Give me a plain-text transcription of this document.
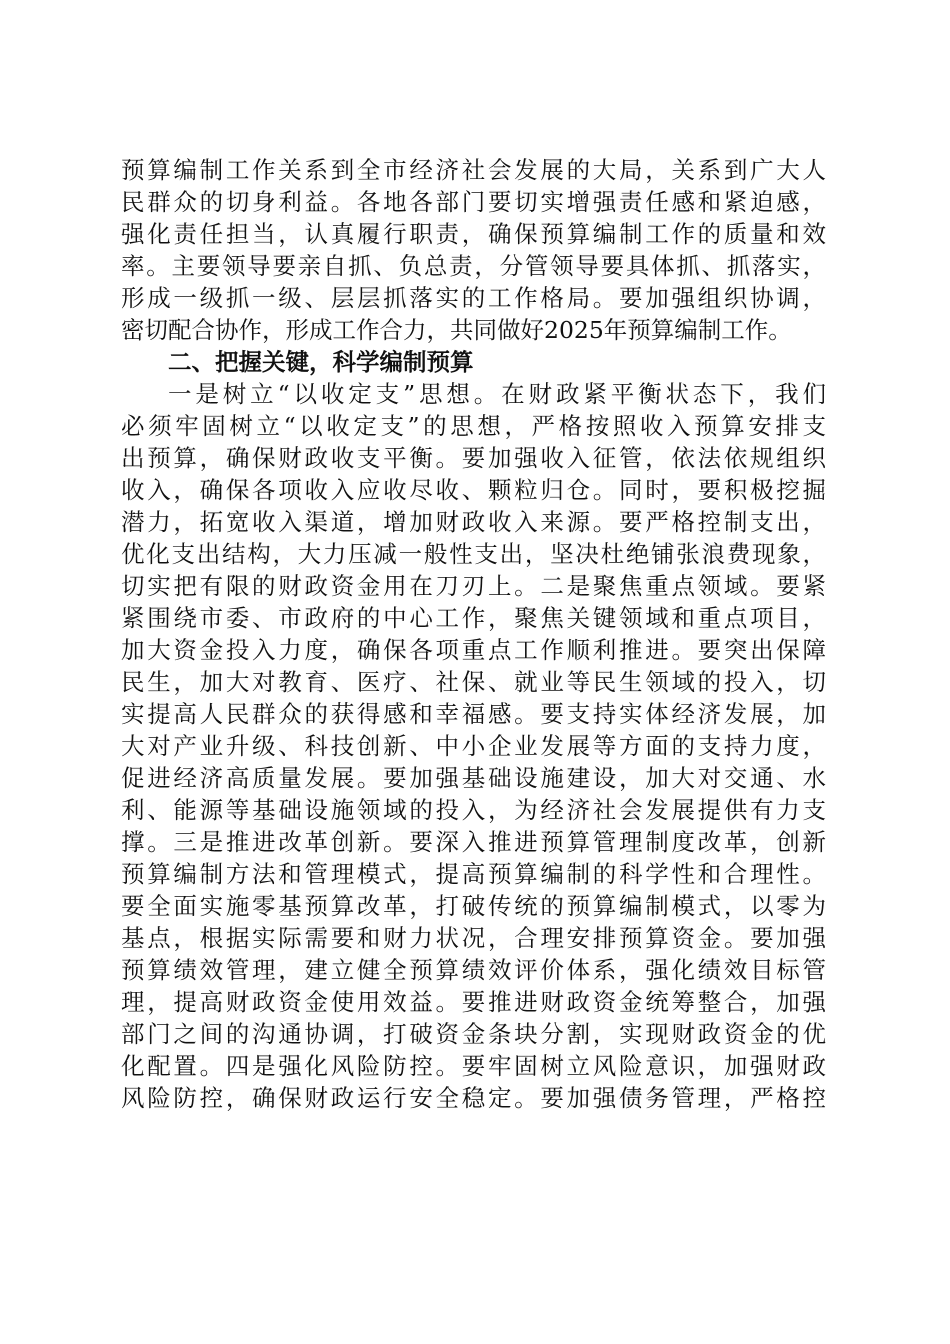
预算编制工作关系到全市经济社会发展的大局，关系到广大人
民群众的切身利益。各地各部门要切实增强责任感和紧迫感，
强化责任担当，认真履行职责，确保预算编制工作的质量和效
率。主要领导要亲自抓、负总责，分管领导要具体抓、抓落实，
形成一级抓一级、层层抓落实的工作格局。要加强组织协调，
密切配合协作，形成工作合力，共同做好2025年预算编制工作。
二、把握关键，科学编制预算
一是树立“以收定支”思想。在财政紧平衡状态下，我们
必须牢固树立“以收定支”的思想，严格按照收入预算安排支
出预算，确保财政收支平衡。要加强收入征管，依法依规组织
收入，确保各项收入应收尽收、颗粒归仓。同时，要积极挖掘
潜力，拓宽收入渠道，增加财政收入来源。要严格控制支出，
优化支出结构，大力压减一般性支出，坚决杜绝铺张浪费现象，
切实把有限的财政资金用在刀刃上。二是聚焦重点领域。要紧
紧围绕市委、市政府的中心工作，聚焦关键领域和重点项目，
加大资金投入力度，确保各项重点工作顺利推进。要突出保障
民生，加大对教育、医疗、社保、就业等民生领域的投入，切
实提高人民群众的获得感和幸福感。要支持实体经济发展，加
大对产业升级、科技创新、中小企业发展等方面的支持力度，
促进经济高质量发展。要加强基础设施建设，加大对交通、水
利、能源等基础设施领域的投入，为经济社会发展提供有力支
撑。三是推进改革创新。要深入推进预算管理制度改革，创新
预算编制方法和管理模式，提高预算编制的科学性和合理性。
要全面实施零基预算改革，打破传统的预算编制模式，以零为
基点，根据实际需要和财力状况，合理安排预算资金。要加强
预算绩效管理，建立健全预算绩效评价体系，强化绩效目标管
理，提高财政资金使用效益。要推进财政资金统筹整合，加强
部门之间的沟通协调，打破资金条块分割，实现财政资金的优
化配置。四是强化风险防控。要牢固树立风险意识，加强财政
风险防控，确保财政运行安全稳定。要加强债务管理，严格控
